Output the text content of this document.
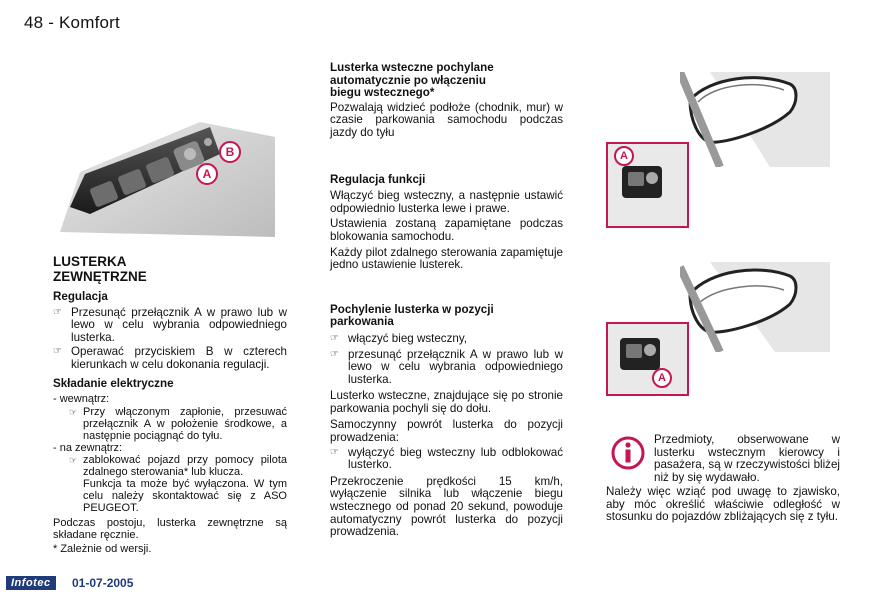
48 - Komfort
B
A
LUSTERKA
ZEWNĘTRZNE
Regulacja
☞ Przesunąć przełącznik A w prawo lub w lewo w celu wybrania odpowiedniego lusterka.
☞ Operawać przyciskiem B w czterech kierunkach w celu dokonania regulacji.
Składanie elektryczne
- wewnątrz:
☞ Przy włączonym zapłonie, przesuwać przełącznik A w położenie środkowe, a następnie pociągnąć do tyłu.
- na zewnątrz:
☞ zablokować pojazd przy pomocy pilota zdalnego sterowania* lub klucza.
Funkcja ta może być wyłączona. W tym celu należy skontaktować się z ASO PEUGEOT.
Podczas postoju, lusterka zewnętrzne są składane ręcznie.
* Zależnie od wersji.
Lusterka wsteczne pochylane
automatycznie po włączeniu
biegu wstecznego*
Pozwalają widzieć podłoże (chodnik, mur) w czasie parkowania samochodu podczas jazdy do tyłu
Regulacja funkcji
Włączyć bieg wsteczny, a następnie ustawić odpowiednio lusterka lewe i prawe.
Ustawienia zostaną zapamiętane podczas blokowania samochodu.
Każdy pilot zdalnego sterowania zapamiętuje jedno ustawienie lusterek.
Pochylenie lusterka w pozycji
parkowania
☞ włączyć bieg wsteczny,
☞ przesunąć przełącznik A w prawo lub w lewo w celu wybrania odpowiedniego lusterka.
Lusterko wsteczne, znajdujące się po stronie parkowania pochyli się do dołu.
Samoczynny powrót lusterka do pozycji prowadzenia:
☞ wyłączyć bieg wsteczny lub odblokować lusterko.
Przekroczenie prędkości 15 km/h, wyłączenie silnika lub włączenie biegu wstecznego od ponad 20 sekund, powoduje automatyczny powrót lusterka do pozycji prowadzenia.
A
A
Przedmioty, obserwowane w lusterku wstecznym kierowcy i pasażera, są w rzeczywistości bliżej niż by się wydawało.
Należy więc wziąć pod uwagę to zjawisko, aby móc określić właściwie odległość w stosunku do pojazdów zbliżających się z tyłu.
Infotec	01-07-2005
